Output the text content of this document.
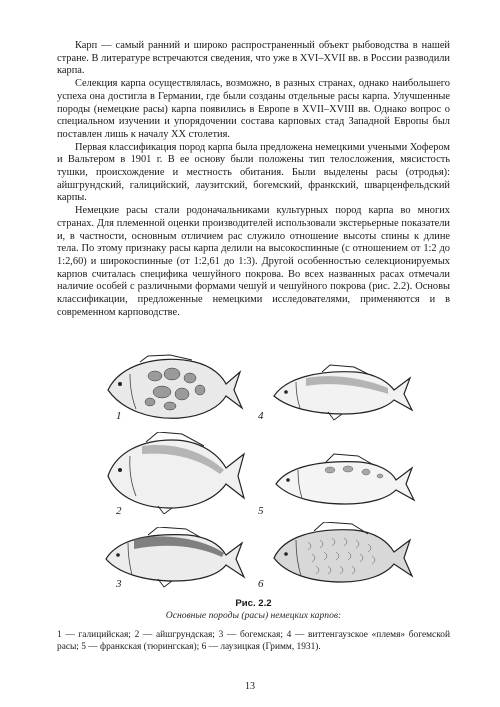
Карп — самый ранний и широко распространенный объект рыбоводства в нашей стране. В литературе встречаются сведения, что уже в XVI–XVII вв. в России разводили карпа.

Селекция карпа осуществлялась, возможно, в разных странах, однако наибольшего успеха она достигла в Германии, где были созданы отдельные расы карпа. Улучшенные породы (немецкие расы) карпа появились в Европе в XVII–XVIII вв. Однако вопрос о специальном изучении и упорядочении состава карповых стад Западной Европы был поставлен лишь к началу XX столетия.

Первая классификация пород карпа была предложена немецкими учеными Хофером и Вальтером в 1901 г. В ее основу были положены тип телосложения, мясистость тушки, происхождение и местность обитания. Были выделены расы (отродья): айшгрундский, галицийский, лаузитский, богемский, франкский, шварценфельдский карпы.

Немецкие расы стали родоначальниками культурных пород карпа во многих странах. Для племенной оценки производителей использовали экстерьерные показатели и, в частности, основным отличием рас служило отношение высоты спины к длине тела. По этому признаку расы карпа делили на высокоспинные (с отношением от 1:2 до 1:2,60) и широкоспинные (от 1:2,61 до 1:3). Другой особенностью селекционируемых карпов считалась специфика чешуйного покрова. Во всех названных расах отмечали наличие особей с различными формами чешуй и чешуйного покрова (рис. 2.2). Основы классификации, предложенные немецкими исследователями, применяются и в современном карповодстве.

1	4
2	5
3	6
Рис. 2.2
Основные породы (расы) немецких карпов:
1 — галицийская; 2 — айшгрундская; 3 — богемская; 4 — виттенгаузское «племя» богемской расы; 5 — франкская (тюрингская); 6 — лаузицкая (Гримм, 1931).
13
